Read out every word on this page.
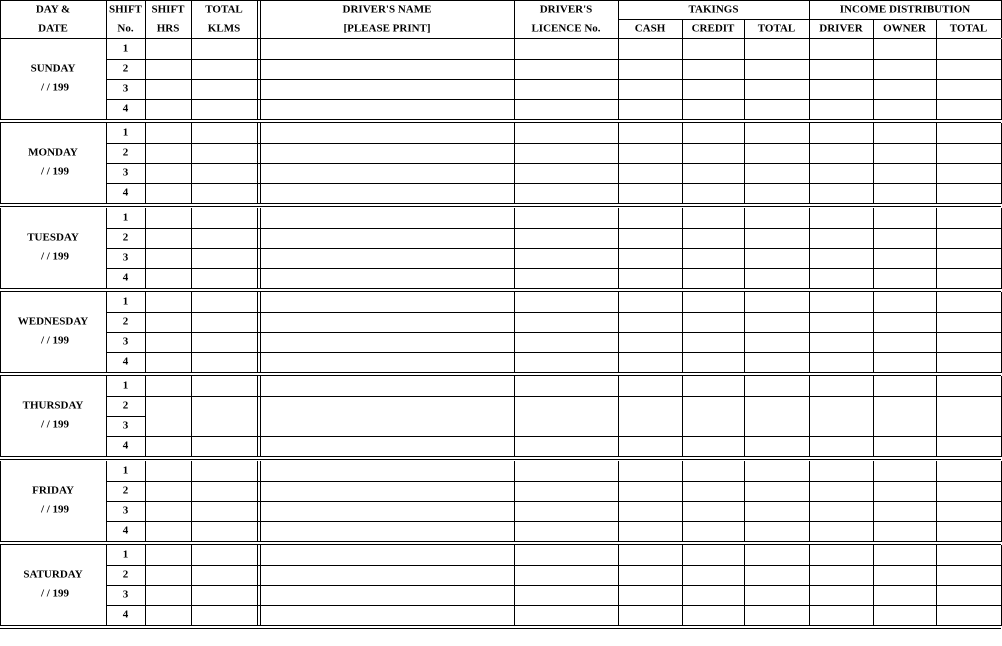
DAY &
DATE
SHIFT
No.
SHIFT
HRS
TOTAL
KLMS
DRIVER'S NAME
[PLEASE PRINT]
DRIVER'S
LICENCE No.
TAKINGS
CASH CREDIT TOTAL
INCOME DISTRIBUTION
DRIVER OWNER TOTAL
1
2
3
4
SUNDAY
/ / 199
1
2
3
4
MONDAY
/ / 199
1
2
3
4
TUESDAY
/ / 199
1
2
3
4
WEDNESDAY
/ / 199
1
2
3
4
THURSDAY
/ / 199
1
2
3
4
FRIDAY
/ / 199
1
2
3
4
SATURDAY
/ / 199
